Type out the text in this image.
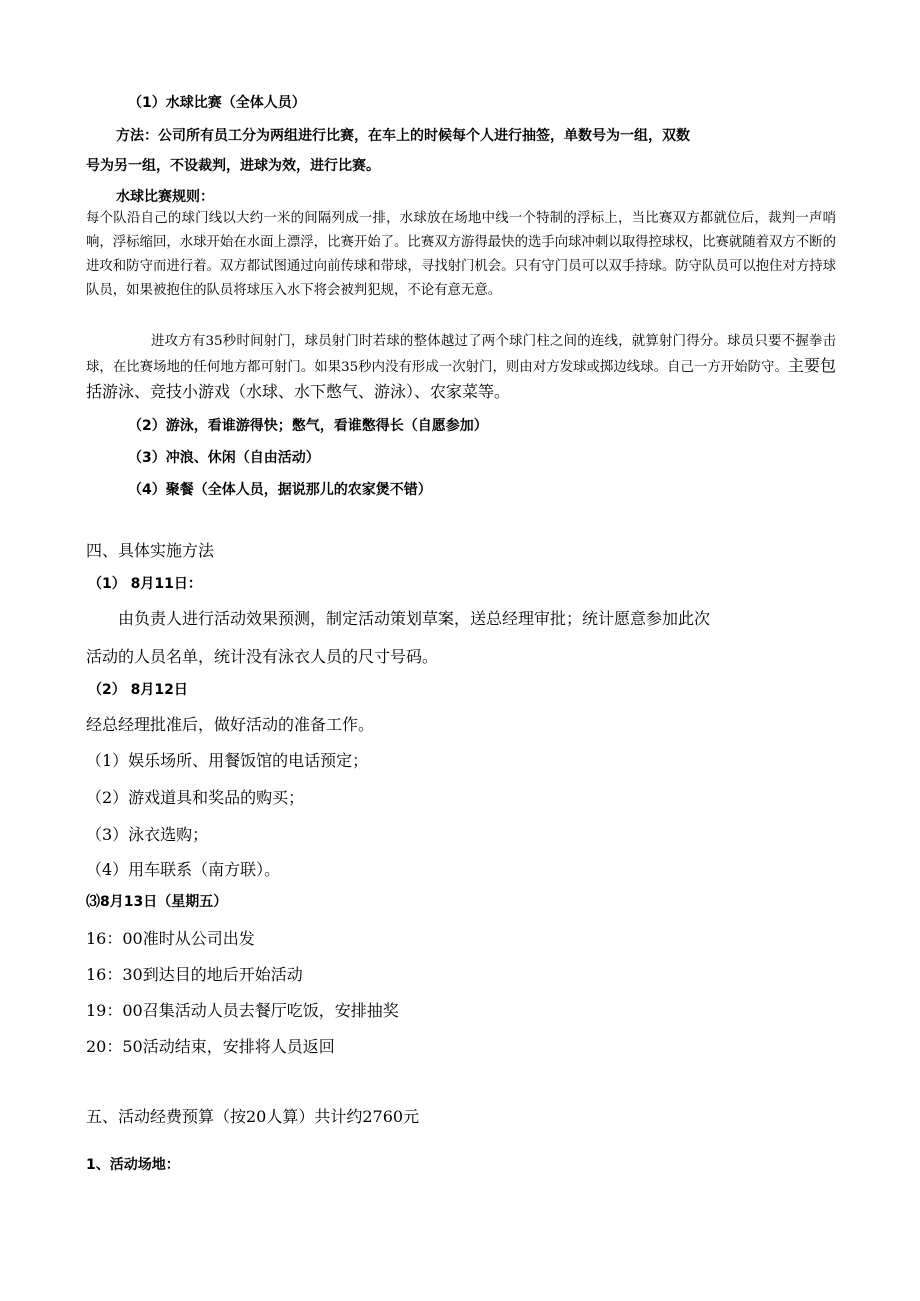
（1）水球比赛（全体人员）
方法：公司所有员工分为两组进行比赛，在车上的时候每个人进行抽签，单数号为一组，双数
号为另一组，不设裁判，进球为效，进行比赛。
水球比赛规则：
每个队沿自己的球门线以大约一米的间隔列成一排，水球放在场地中线一个特制的浮标上，当比赛双方都就位后，裁判一声哨响，浮标缩回，水球开始在水面上漂浮，比赛开始了。比赛双方游得最快的选手向球冲刺以取得控球权，比赛就随着双方不断的进攻和防守而进行着。双方都试图通过向前传球和带球，寻找射门机会。只有守门员可以双手持球。防守队员可以抱住对方持球队员，如果被抱住的队员将球压入水下将会被判犯规，不论有意无意。
进攻方有35秒时间射门，球员射门时若球的整体越过了两个球门柱之间的连线，就算射门得分。球员只要不握拳击球，在比赛场地的任何地方都可射门。如果35秒内没有形成一次射门，则由对方发球或掷边线球。自己一方开始防守。主要包括游泳、竞技小游戏（水球、水下憋气、游泳）、农家菜等。
（2）游泳，看谁游得快；憋气，看谁憋得长（自愿参加）
（3）冲浪、休闲（自由活动）
（4）聚餐（全体人员，据说那儿的农家煲不错）
四、具体实施方法
（1） 8月11日：
由负责人进行活动效果预测，制定活动策划草案，送总经理审批；统计愿意参加此次
活动的人员名单，统计没有泳衣人员的尺寸号码。
（2） 8月12日
经总经理批准后，做好活动的准备工作。
（1）娱乐场所、用餐饭馆的电话预定；
（2）游戏道具和奖品的购买；
（3）泳衣选购；
（4）用车联系（南方联）。
⑶8月13日（星期五）
16：00准时从公司出发
16：30到达目的地后开始活动
19：00召集活动人员去餐厅吃饭，安排抽奖
20：50活动结束，安排将人员返回
五、活动经费预算（按20人算）共计约2760元
1、活动场地：
